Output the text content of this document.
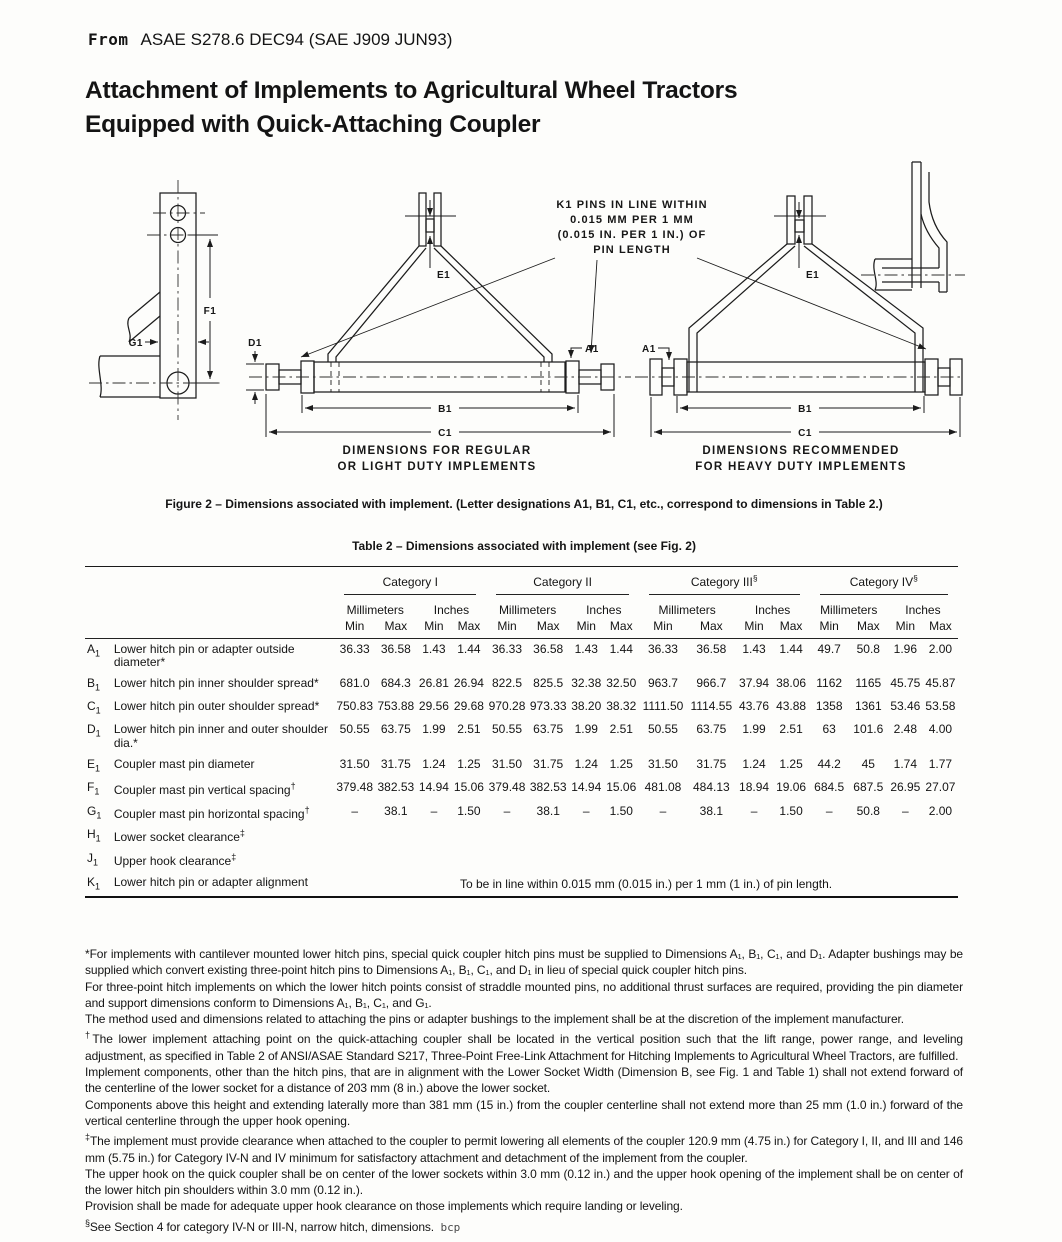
From ASAE S278.6 DEC94 (SAE J909 JUN93)
Attachment of Implements to Agricultural Wheel Tractors
Equipped with Quick-Attaching Coupler
F1
G1
E1
D1
A1
B1
C1
DIMENSIONS FOR REGULAR
OR LIGHT DUTY IMPLEMENTS
K1 PINS IN LINE WITHIN
0.015 MM PER 1 MM
(0.015 IN. PER 1 IN.) OF
PIN LENGTH
E1
A1
B1
C1
DIMENSIONS RECOMMENDED
FOR HEAVY DUTY IMPLEMENTS
Figure 2 – Dimensions associated with implement. (Letter designations A1, B1, C1, etc., correspond to dimensions in Table 2.)
Table 2 – Dimensions associated with implement (see Fig. 2)

		Category I				Category II				Category III§				Category IV§

		Millimeters		Inches		Millimeters		Inches		Millimeters		Inches		Millimeters		Inches	
		Min	Max	Min	Max	Min	Max	Min	Max	Min	Max	Min	Max	Min	Max	Min	Max
$A_1$	Lower hitch pin or adapter outside diameter*	36.33	36.58	1.43	1.44	36.33	36.58	1.43	1.44	36.33	36.58	1.43	1.44	49.7	50.8	1.96	2.00
$B_1$	Lower hitch pin inner shoulder spread*	681.0	684.3	26.81	26.94	822.5	825.5	32.38	32.50	963.7	966.7	37.94	38.06	1162	1165	45.75	45.87
$C_1$	Lower hitch pin outer shoulder spread*	750.83	753.88	29.56	29.68	970.28	973.33	38.20	38.32	1111.50	1114.55	43.76	43.88	1358	1361	53.46	53.58
$D_1$	Lower hitch pin inner and outer shoulder dia.*	50.55	63.75	1.99	2.51	50.55	63.75	1.99	2.51	50.55	63.75	1.99	2.51	63	101.6	2.48	4.00
$E_1$	Coupler mast pin diameter	31.50	31.75	1.24	1.25	31.50	31.75	1.24	1.25	31.50	31.75	1.24	1.25	44.2	45	1.74	1.77
$F_1$	Coupler mast pin vertical spacing†	379.48	382.53	14.94	15.06	379.48	382.53	14.94	15.06	481.08	484.13	18.94	19.06	684.5	687.5	26.95	27.07
$G_1$	Coupler mast pin horizontal spacing†	–	38.1	–	1.50	–	38.1	–	1.50	–	38.1	–	1.50	–	50.8	–	2.00
$H_1$	Lower socket clearance‡	
$J_1$	Upper hook clearance‡	
$K_1$	Lower hitch pin or adapter alignment	To be in line within 0.015 mm (0.015 in.) per 1 mm (1 in.) of pin length.															

*For implements with cantilever mounted lower hitch pins, special quick coupler hitch pins must be supplied to Dimensions A₁, B₁, C₁, and D₁. Adapter bushings may be supplied which convert existing three-point hitch pins to Dimensions A₁, B₁, C₁, and D₁ in lieu of special quick coupler hitch pins.

For three-point hitch implements on which the lower hitch points consist of straddle mounted pins, no additional thrust surfaces are required, providing the pin diameter and support dimensions conform to Dimensions A₁, B₁, C₁, and G₁.

The method used and dimensions related to attaching the pins or adapter bushings to the implement shall be at the discretion of the implement manufacturer.

†The lower implement attaching point on the quick-attaching coupler shall be located in the vertical position such that the lift range, power range, and leveling adjustment, as specified in Table 2 of ANSI/ASAE Standard S217, Three-Point Free-Link Attachment for Hitching Implements to Agricultural Wheel Tractors, are fulfilled.

Implement components, other than the hitch pins, that are in alignment with the Lower Socket Width (Dimension B, see Fig. 1 and Table 1) shall not extend forward of the centerline of the lower socket for a distance of 203 mm (8 in.) above the lower socket.

Components above this height and extending laterally more than 381 mm (15 in.) from the coupler centerline shall not extend more than 25 mm (1.0 in.) forward of the vertical centerline through the upper hook opening.

‡The implement must provide clearance when attached to the coupler to permit lowering all elements of the coupler 120.9 mm (4.75 in.) for Category I, II, and III and 146 mm (5.75 in.) for Category IV-N and IV minimum for satisfactory attachment and detachment of the implement from the coupler.

The upper hook on the quick coupler shall be on center of the lower sockets within 3.0 mm (0.12 in.) and the upper hook opening of the implement shall be on center of the lower hitch pin shoulders within 3.0 mm (0.12 in.).

Provision shall be made for adequate upper hook clearance on those implements which require landing or leveling.

§See Section 4 for category IV-N or III-N, narrow hitch, dimensions. bcp
